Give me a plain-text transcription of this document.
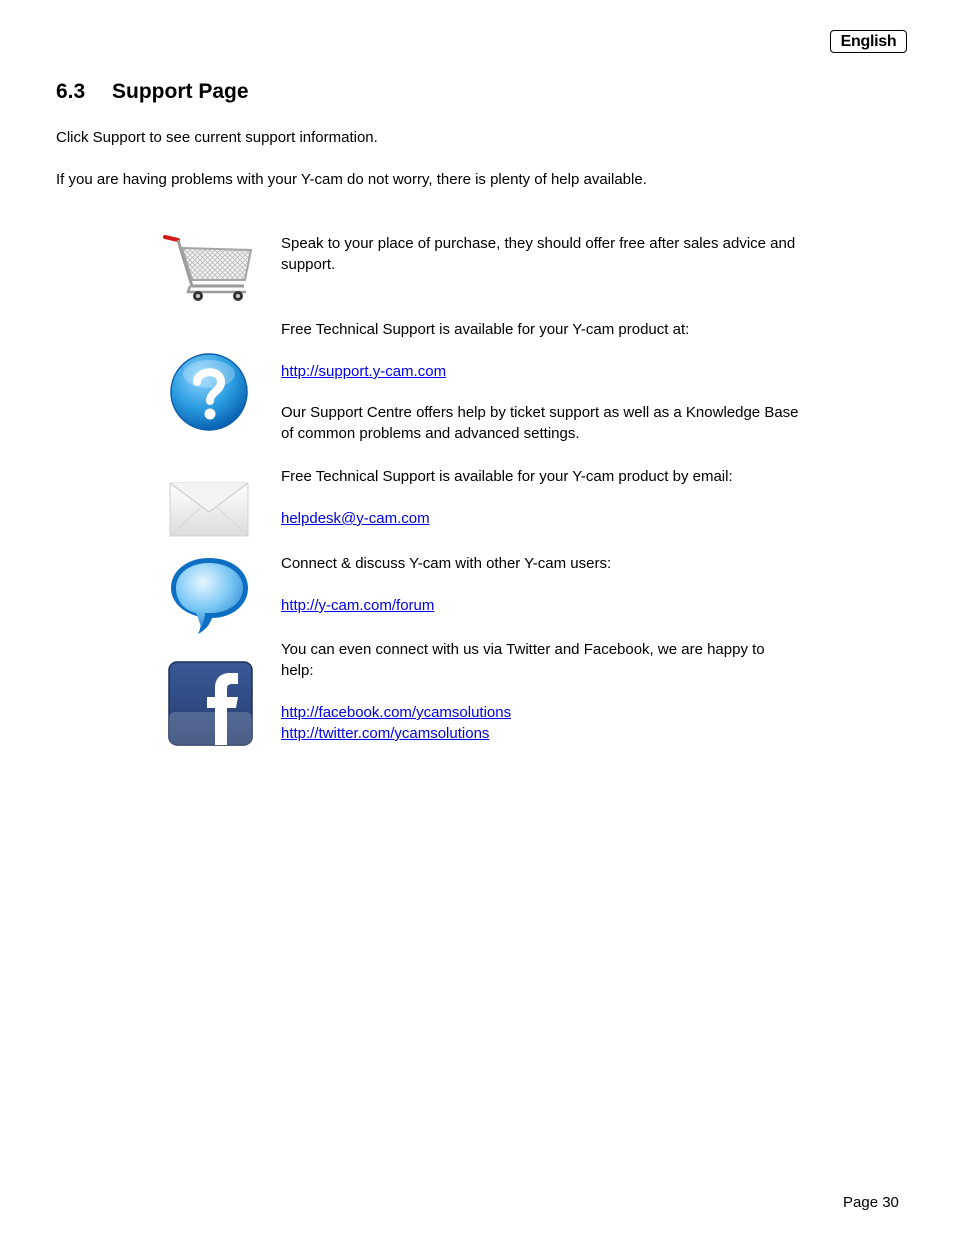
English
6.3 Support Page

Click Support to see current support information.

If you are having problems with your Y-cam do not worry, there is plenty of help available.

Speak to your place of purchase, they should offer free after sales advice and support.

Free Technical Support is available for your Y-cam product at:

http://support.y-cam.com

Our Support Centre offers help by ticket support as well as a Knowledge Base of common problems and advanced settings.

Free Technical Support is available for your Y-cam product by email:

helpdesk@y-cam.com

Connect & discuss Y-cam with other Y-cam users:

http://y-cam.com/forum

You can even connect with us via Twitter and Facebook, we are happy to help:

http://facebook.com/ycamsolutions

http://twitter.com/ycamsolutions

Page 30
